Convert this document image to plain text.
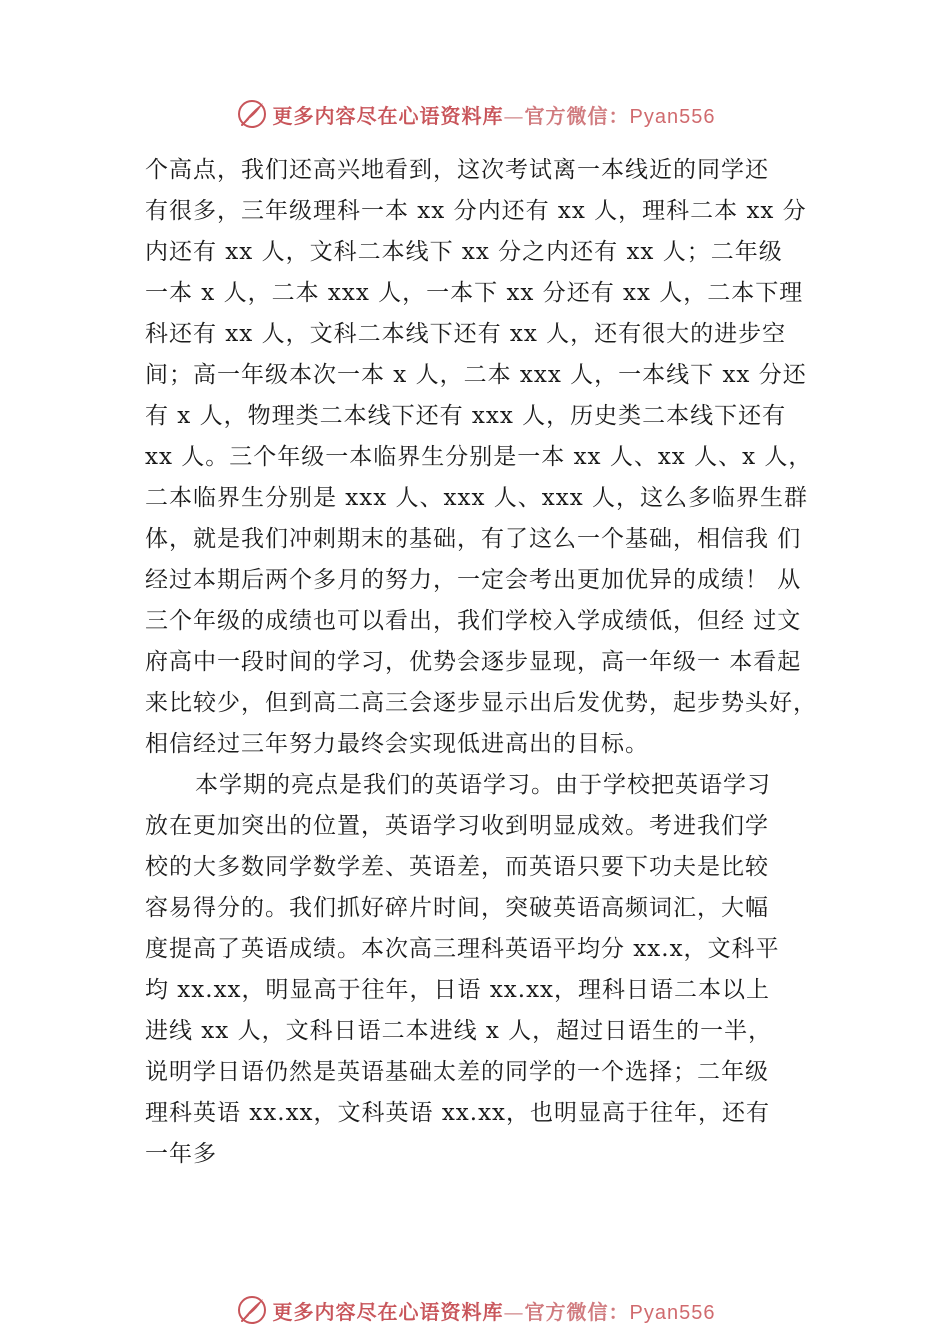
更多内容尽在心语资料库—官方微信：Pyan556
个高点，我们还高兴地看到，这次考试离一本线近的同学还
有很多，三年级理科一本 xx 分内还有 xx 人，理科二本 xx 分
内还有 xx 人，文科二本线下 xx 分之内还有 xx 人；二年级
一本 x 人，二本 xxx 人，一本下 xx 分还有 xx 人，二本下理
科还有 xx 人，文科二本线下还有 xx 人，还有很大的进步空
间；高一年级本次一本 x 人，二本 xxx 人，一本线下 xx 分还
有 x 人，物理类二本线下还有 xxx 人，历史类二本线下还有
xx 人。三个年级一本临界生分别是一本 xx 人、xx 人、x 人，
二本临界生分别是 xxx 人、xxx 人、xxx 人，这么多临界生群
体，就是我们冲刺期末的基础，有了这么一个基础，相信我 们
经过本期后两个多月的努力，一定会考出更加优异的成绩！ 从
三个年级的成绩也可以看出，我们学校入学成绩低，但经 过文
府高中一段时间的学习，优势会逐步显现，高一年级一 本看起
来比较少，但到高二高三会逐步显示出后发优势，起步势头好，
相信经过三年努力最终会实现低进高出的目标。
本学期的亮点是我们的英语学习。由于学校把英语学习
放在更加突出的位置，英语学习收到明显成效。考进我们学
校的大多数同学数学差、英语差，而英语只要下功夫是比较
容易得分的。我们抓好碎片时间，突破英语高频词汇，大幅
度提高了英语成绩。本次高三理科英语平均分 xx.x，文科平
均 xx.xx，明显高于往年，日语 xx.xx，理科日语二本以上
进线 xx 人，文科日语二本进线 x 人，超过日语生的一半，
说明学日语仍然是英语基础太差的同学的一个选择；二年级
理科英语 xx.xx，文科英语 xx.xx，也明显高于往年，还有
一年多
更多内容尽在心语资料库—官方微信：Pyan556
